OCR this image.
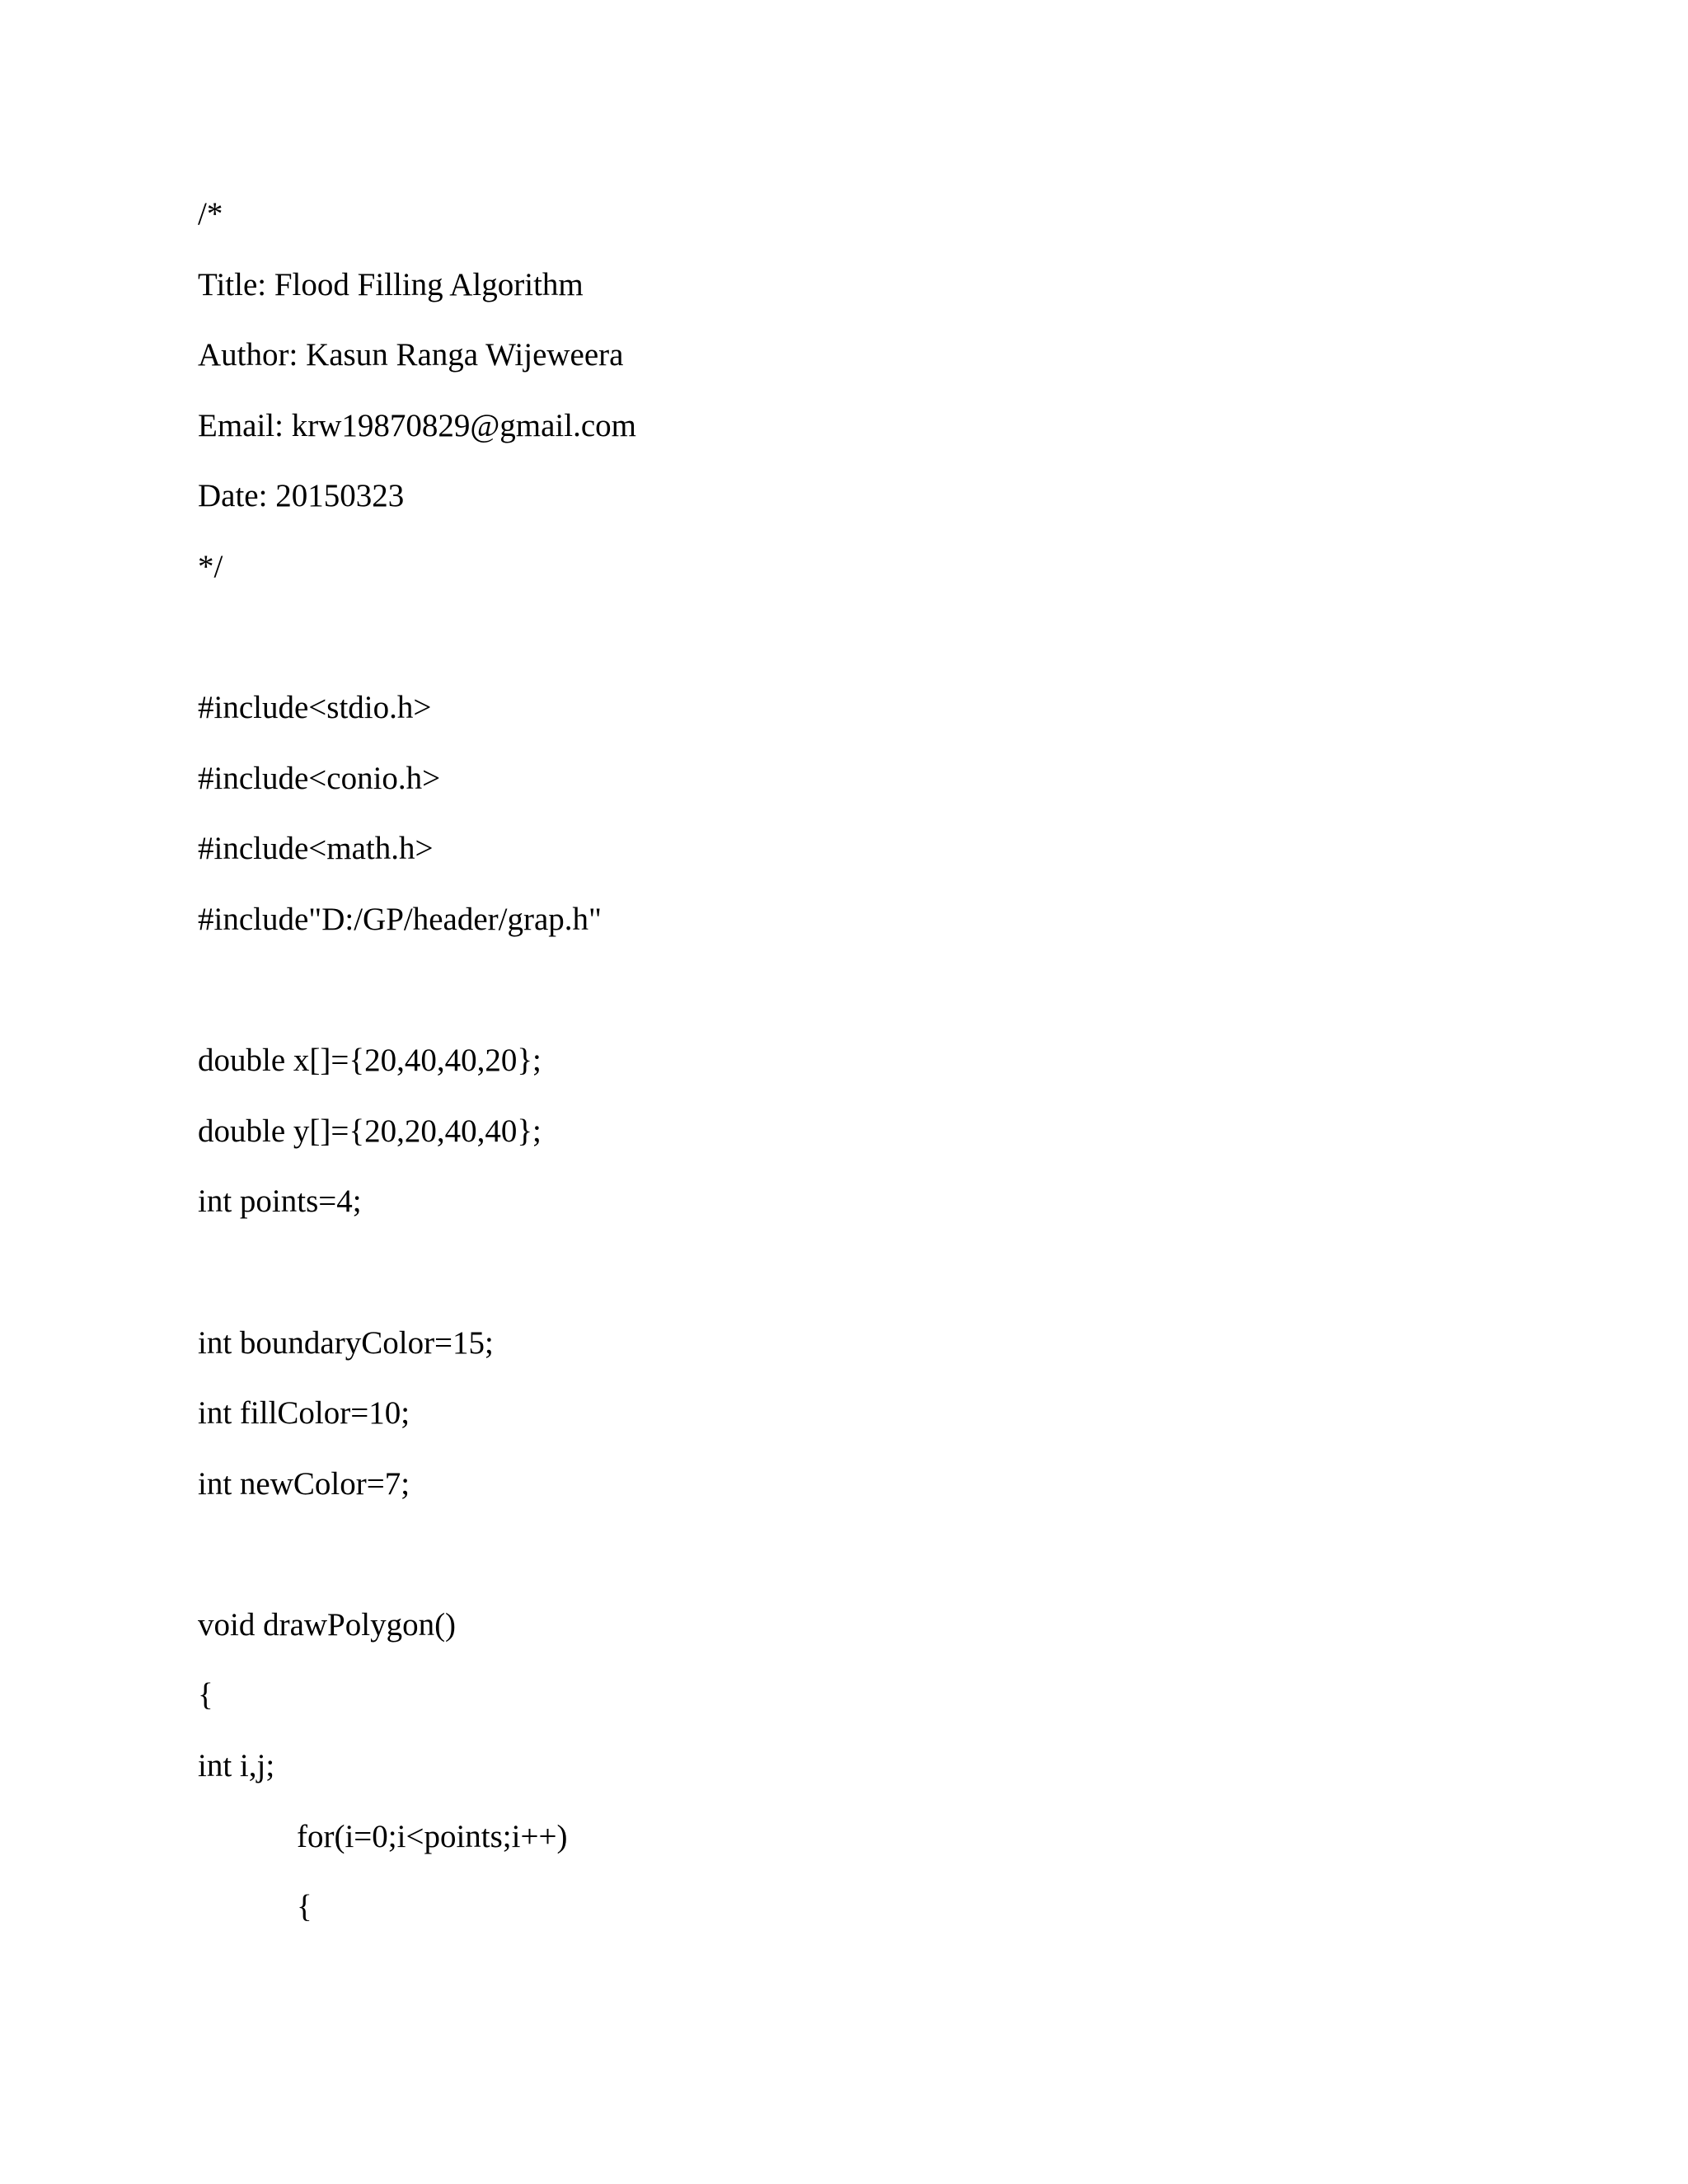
/*
Title: Flood Filling Algorithm
Author: Kasun Ranga Wijeweera
Email: krw19870829@gmail.com
Date: 20150323
*/
#include<stdio.h>
#include<conio.h>
#include<math.h>
#include"D:/GP/header/grap.h"
double x[]={20,40,40,20};
double y[]={20,20,40,40};
int points=4;
int boundaryColor=15;
int fillColor=10;
int newColor=7;
void drawPolygon()
{
int i,j;
for(i=0;i<points;i++)
{
